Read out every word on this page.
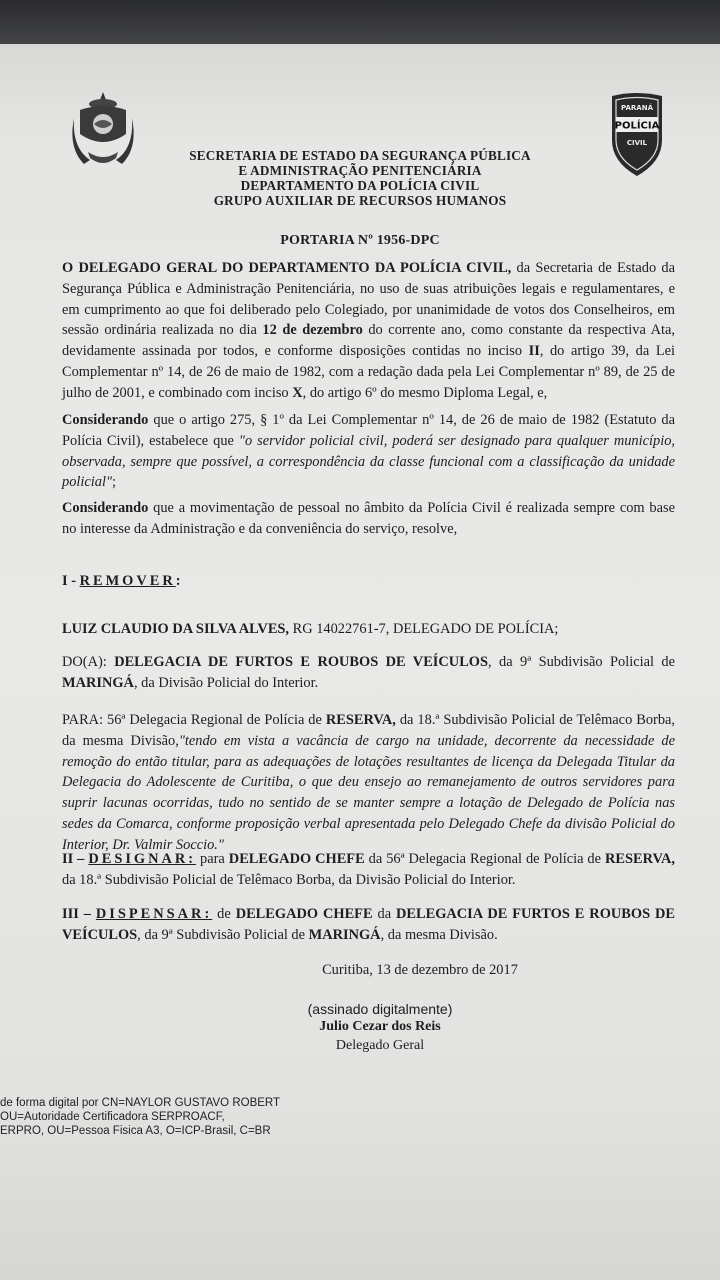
PARANÁ
POLÍCIA
CIVIL
SECRETARIA DE ESTADO DA SEGURANÇA PÚBLICA
E ADMINISTRAÇÃO PENITENCIÁRIA
DEPARTAMENTO DA POLÍCIA CIVIL
GRUPO AUXILIAR DE RECURSOS HUMANOS
PORTARIA Nº 1956-DPC
O DELEGADO GERAL DO DEPARTAMENTO DA POLÍCIA CIVIL, da Secretaria de Estado da Segurança Pública e Administração Penitenciária, no uso de suas atribuições legais e regulamentares, e em cumprimento ao que foi deliberado pelo Colegiado, por unanimidade de votos dos Conselheiros, em sessão ordinária realizada no dia 12 de dezembro do corrente ano, como constante da respectiva Ata, devidamente assinada por todos, e conforme disposições contidas no inciso II, do artigo 39, da Lei Complementar nº 14, de 26 de maio de 1982, com a redação dada pela Lei Complementar nº 89, de 25 de julho de 2001, e combinado com inciso X, do artigo 6º do mesmo Diploma Legal, e,
Considerando que o artigo 275, § 1º da Lei Complementar nº 14, de 26 de maio de 1982 (Estatuto da Polícia Civil), estabelece que "o servidor policial civil, poderá ser designado para qualquer município, observada, sempre que possível, a correspondência da classe funcional com a classificação da unidade policial";
Considerando que a movimentação de pessoal no âmbito da Polícia Civil é realizada sempre com base no interesse da Administração e da conveniência do serviço, resolve,
I - REMOVER:
LUIZ CLAUDIO DA SILVA ALVES, RG 14022761-7, DELEGADO DE POLÍCIA;
DO(A): DELEGACIA DE FURTOS E ROUBOS DE VEÍCULOS, da 9ª Subdivisão Policial de MARINGÁ, da Divisão Policial do Interior.
PARA: 56ª Delegacia Regional de Polícia de RESERVA, da 18.ª Subdivisão Policial de Telêmaco Borba, da mesma Divisão,"tendo em vista a vacância de cargo na unidade, decorrente da necessidade de remoção do então titular, para as adequações de lotações resultantes de licença da Delegada Titular da Delegacia do Adolescente de Curitiba, o que deu ensejo ao remanejamento de outros servidores para suprir lacunas ocorridas, tudo no sentido de se manter sempre a lotação de Delegado de Polícia nas sedes da Comarca, conforme proposição verbal apresentada pelo Delegado Chefe da divisão Policial do Interior, Dr. Valmir Soccio."
II – DESIGNAR: para DELEGADO CHEFE da 56ª Delegacia Regional de Polícia de RESERVA, da 18.ª Subdivisão Policial de Telêmaco Borba, da Divisão Policial do Interior.
III – DISPENSAR: de DELEGADO CHEFE da DELEGACIA DE FURTOS E ROUBOS DE VEÍCULOS, da 9ª Subdivisão Policial de MARINGÁ, da mesma Divisão.
Curitiba, 13 de dezembro de 2017
(assinado digitalmente)
Julio Cezar dos Reis
Delegado Geral
de forma digital por CN=NAYLOR GUSTAVO ROBERT
OU=Autoridade Certificadora SERPROACF,
ERPRO, OU=Pessoa Fisica A3, O=ICP-Brasil, C=BR
